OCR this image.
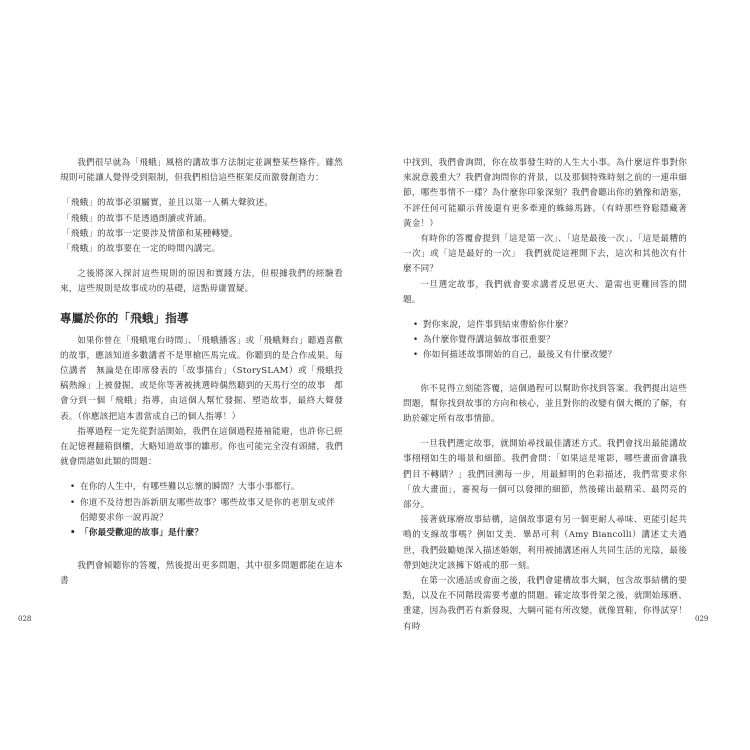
我們很早就為「飛蛾」風格的講故事方法制定並調整某些條件。雖然規則可能讓人覺得受到限制，但我們相信這些框架反而激發創造力：

「飛蛾」的故事必須屬實，並且以第一人稱大聲敘述。
「飛蛾」的故事不是透過朗讀或背誦。
「飛蛾」的故事一定要涉及情節和某種轉變。
「飛蛾」的故事要在一定的時間內講完。

之後將深入探討這些規則的原因和實踐方法，但根據我們的經驗看來，這些規則是故事成功的基礎，這點毋庸置疑。

專屬於你的「飛蛾」指導

如果你曾在「飛蛾電台時間」、「飛蛾播客」或「飛蛾舞台」聽過喜歡的故事，應該知道多數講者不是單槍匹馬完成。你聽到的是合作成果。每位講者　無論是在即席發表的「故事擂台」（StorySLAM）或「飛蛾投稿熱線」上被發掘，或是你等著被挑選時偶然聽到的天馬行空的故事　都會分到一個「飛蛾」指導，由這個人幫忙發掘、塑造故事，最終大聲發表。（你應該把這本書當成自己的個人指導！）

指導過程一定先從對話開始，我們在這個過程捲袖能避，也許你已經在記憶裡翻箱倒櫃，大略知道故事的雛形。你也可能完全沒有頭緒，我們就會問諸如此類的問題：

• 在你的人生中，有哪些難以忘懷的瞬間？大事小事都行。
• 你道不及待想告訴新朋友哪些故事？哪些故事又是你的老朋友或伴侶總要求你一說再說？
• 「你最受歡迎的故事」是什麼？

我們會傾聽你的答覆，然後提出更多問題，其中很多問題都能在這本書

028

中找到，我們會詢問，你在故事發生時的人生大小事。為什麼這件事對你來說意義重大？我們會詢問你的背景，以及那個特殊時刻之前的一連串細節，哪些事情不一樣？為什麼你印象深刻？我們會聽出你的猶豫和語塞，不評任何可能顯示背後還有更多牽連的蛛絲馬跡。（有時那些脊鬆隱藏著黃金！）

有時你的答覆會提到「這是第一次」、「這是最後一次」、「這是最糟的一次」或「這是最好的一次」　我們就從這裡開下去，這次和其他次有什麼不同？

一旦選定故事，我們就會要求講者反思更大、還需也更難回答的問題。

• 對你來說，這件事到結束帶給你什麼？
• 為什麼你覺得講這個故事很重要？
• 你如何描述故事開始的自己，最後又有什麼改變？

你不見得立刻能答覆，這個過程可以幫助你找到答案。我們提出這些問題，幫你找到故事的方向和核心，並且對你的改變有個大概的了解，有助於確定所有故事情節。

一旦我們選定故事，就開始尋找最佳講述方式。我們會找出最能講故事栩栩如生的場景和細節。我們會問：「如果這是電影，哪些畫面會讓我們目不轉睛？」我們回溯每一步，用最鮮明的色彩描述，我們常要求你「放大畫面」，審視每一個可以發揮的細節，然後確出最精采、最閃亮的部分。

接著就琢磨故事結構，這個故事還有另一個更耐人尋味、更能引起共鳴的支線故事嗎？例如艾美．畢昂可利（Amy Biancolli）講述丈夫過世，我們鼓勵她深入描述婚姻，利用被捕講述兩人共同生活的光陰，最後帶到她決定該擁下婚戒的那一刻。

在第一次通話或會面之後，我們會建構故事大綱，包含故事結構的要點，以及在不同階段需要考慮的問題。確定故事骨架之後，就開始琢磨、重建，因為我們若有新發現，大綱可能有所改變，就像買鞋，你得試穿！有時

029
